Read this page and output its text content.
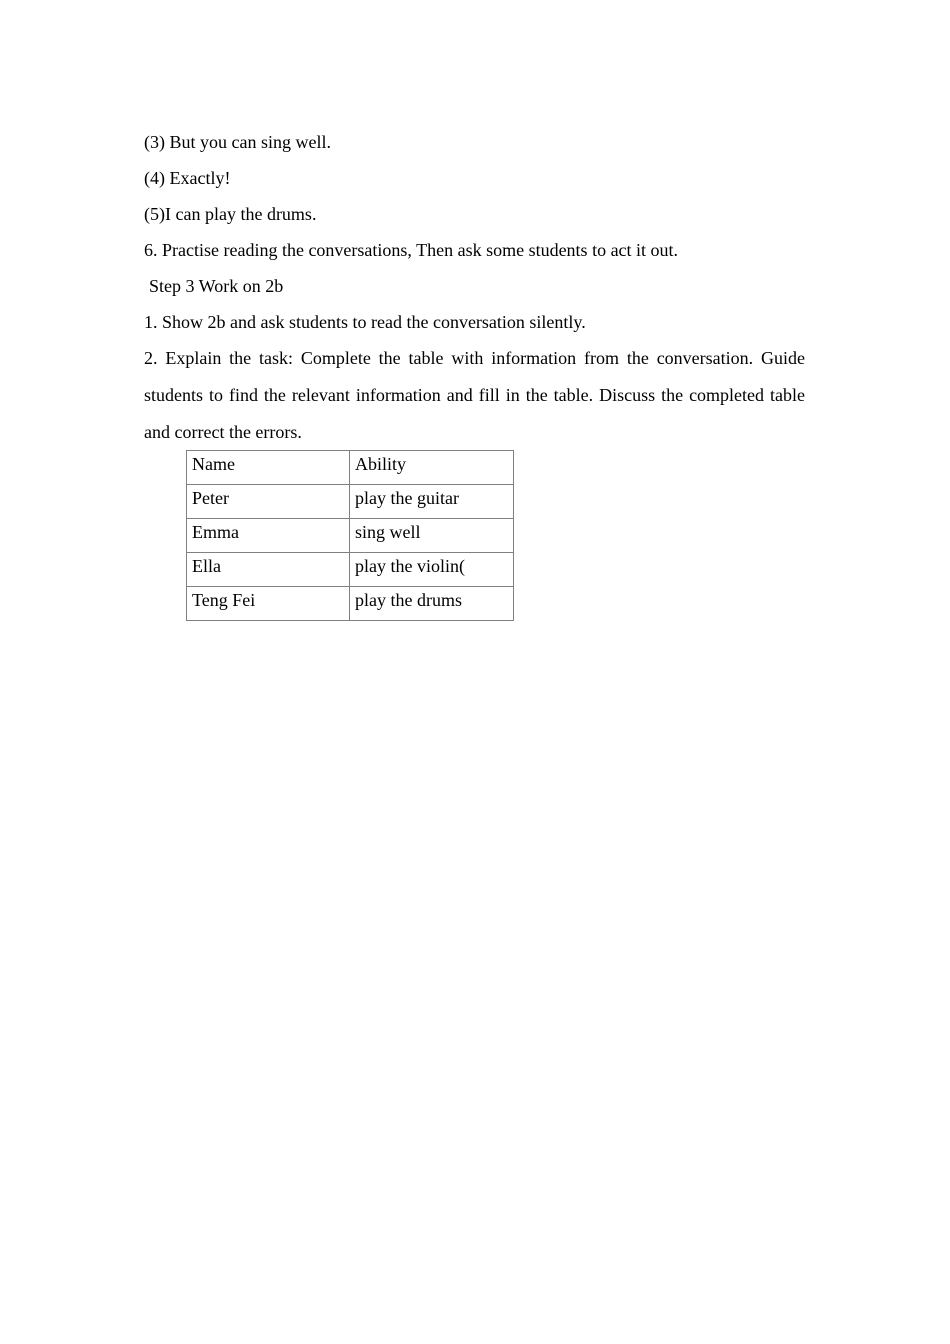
(3) But you can sing well.

(4) Exactly!

(5)I can play the drums.

6. Practise reading the conversations, Then ask some students to act it out.

Step 3 Work on 2b

1. Show 2b and ask students to read the conversation silently.

2. Explain the task: Complete the table with information from the conversation. Guide students to find the relevant information and fill in the table. Discuss the completed table and correct the errors.

Name	Ability
Peter	play the guitar
Emma	sing well
Ella	play the violin(
Teng Fei	play the drums
